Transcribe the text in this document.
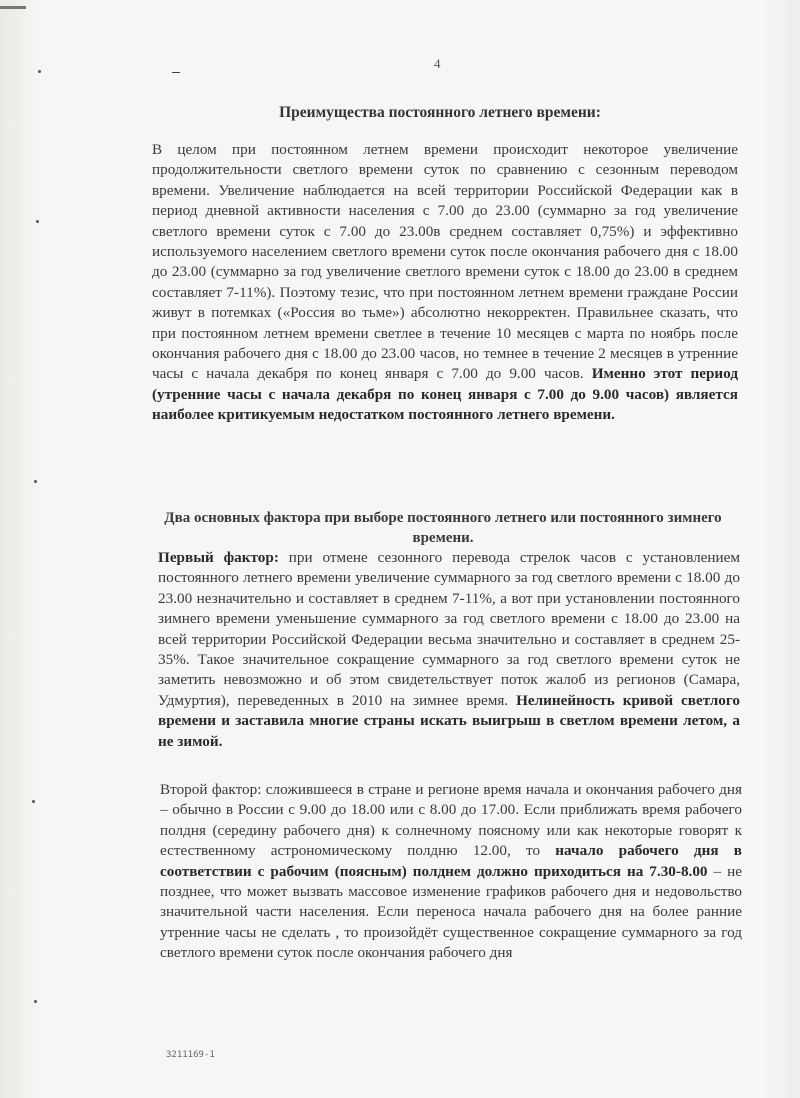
4
Преимущества постоянного летнего времени:
В целом при постоянном летнем времени происходит некоторое увеличение продолжительности светлого времени суток по сравнению с сезонным переводом времени. Увеличение наблюдается на всей территории Российской Федерации как в период дневной активности населения с 7.00 до 23.00 (суммарно за год увеличение светлого времени суток с 7.00 до 23.00в среднем составляет 0,75%) и эффективно используемого населением светлого времени суток после окончания рабочего дня с 18.00 до 23.00 (суммарно за год увеличение светлого времени суток с 18.00 до 23.00 в среднем составляет 7-11%). Поэтому тезис, что при постоянном летнем времени граждане России живут в потемках («Россия во тьме») абсолютно некорректен. Правильнее сказать, что при постоянном летнем времени светлее в течение 10 месяцев с марта по ноябрь после окончания рабочего дня с 18.00 до 23.00 часов, но темнее в течение 2 месяцев в утренние часы с начала декабря по конец января с 7.00 до 9.00 часов. Именно этот период (утренние часы с начала декабря по конец января с 7.00 до 9.00 часов) является наиболее критикуемым недостатком постоянного летнего времени.
Два основных фактора при выборе постоянного летнего или постоянного зимнего времени.
Первый фактор: при отмене сезонного перевода стрелок часов с установлением постоянного летнего времени увеличение суммарного за год светлого времени с 18.00 до 23.00 незначительно и составляет в среднем 7-11%, а вот при установлении постоянного зимнего времени уменьшение суммарного за год светлого времени с 18.00 до 23.00 на всей территории Российской Федерации весьма значительно и составляет в среднем 25-35%. Такое значительное сокращение суммарного за год светлого времени суток не заметить невозможно и об этом свидетельствует поток жалоб из регионов (Самара, Удмуртия), переведенных в 2010 на зимнее время. Нелинейность кривой светлого времени и заставила многие страны искать выигрыш в светлом времени летом, а не зимой.
Второй фактор: сложившееся в стране и регионе время начала и окончания рабочего дня – обычно в России с 9.00 до 18.00 или с 8.00 до 17.00. Если приближать время рабочего полдня (середину рабочего дня) к солнечному поясному или как некоторые говорят к естественному астрономическому полдню 12.00, то начало рабочего дня в соответствии с рабочим (поясным) полднем должно приходиться на 7.30-8.00 – не позднее, что может вызвать массовое изменение графиков рабочего дня и недовольство значительной части населения. Если переноса начала рабочего дня на более ранние утренние часы не сделать , то произойдёт существенное сокращение суммарного за год светлого времени суток после окончания рабочего дня
3211169-1
